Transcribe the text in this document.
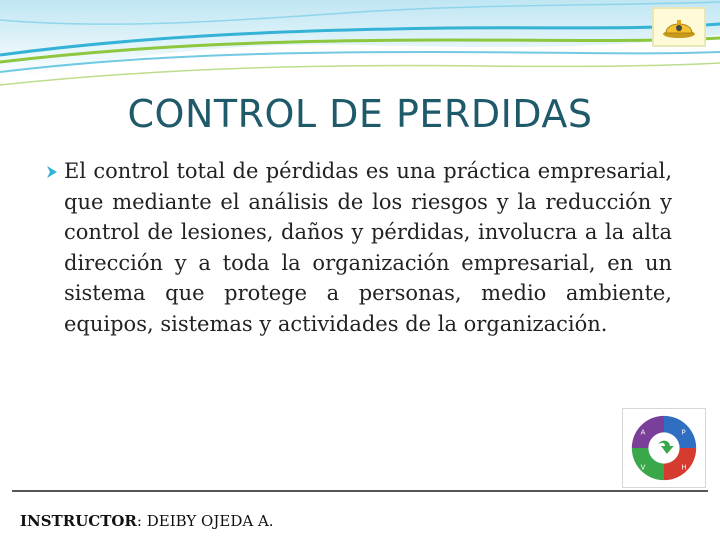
CONTROL DE PERDIDAS
El control total de pérdidas es una práctica empresarial, que mediante el análisis de los riesgos y la reducción y control de lesiones, daños y pérdidas, involucra a la alta dirección y a toda la organización empresarial, en un sistema que protege a personas, medio ambiente, equipos, sistemas y actividades de la organización.
A	P
V	H
INSTRUCTOR: DEIBY OJEDA A.
